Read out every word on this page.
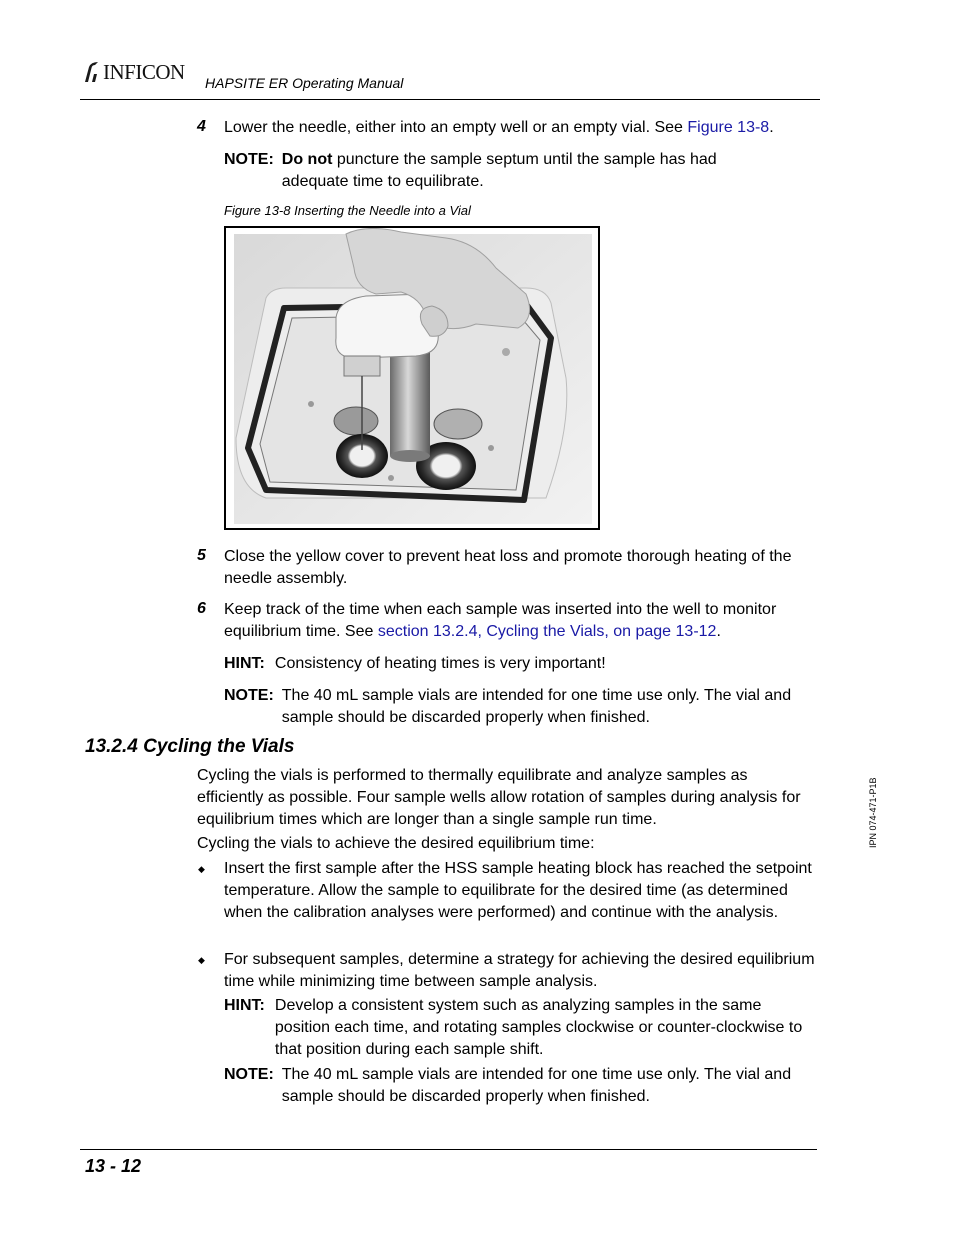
INFICON HAPSITE ER Operating Manual
4 Lower the needle, either into an empty well or an empty vial. See Figure 13-8.
NOTE: Do not puncture the sample septum until the sample has had adequate time to equilibrate.
Figure 13-8 Inserting the Needle into a Vial
5 Close the yellow cover to prevent heat loss and promote thorough heating of the needle assembly.
6 Keep track of the time when each sample was inserted into the well to monitor
equilibrium time. See section 13.2.4, Cycling the Vials, on page 13-12.
HINT: Consistency of heating times is very important!
NOTE: The 40 mL sample vials are intended for one time use only. The vial and sample should be discarded properly when finished.
13.2.4 Cycling the Vials
Cycling the vials is performed to thermally equilibrate and analyze samples as efficiently as possible. Four sample wells allow rotation of samples during analysis for equilibrium times which are longer than a single sample run time.
Cycling the vials to achieve the desired equilibrium time:
◆ Insert the first sample after the HSS sample heating block has reached the setpoint temperature. Allow the sample to equilibrate for the desired time (as determined when the calibration analyses were performed) and continue with the analysis.
◆ For subsequent samples, determine a strategy for achieving the desired equilibrium time while minimizing time between sample analysis.
HINT: Develop a consistent system such as analyzing samples in the same position each time, and rotating samples clockwise or counter-clockwise to that position during each sample shift.
NOTE: The 40 mL sample vials are intended for one time use only. The vial and sample should be discarded properly when finished.
IPN 074-471-P1B
13 - 12
